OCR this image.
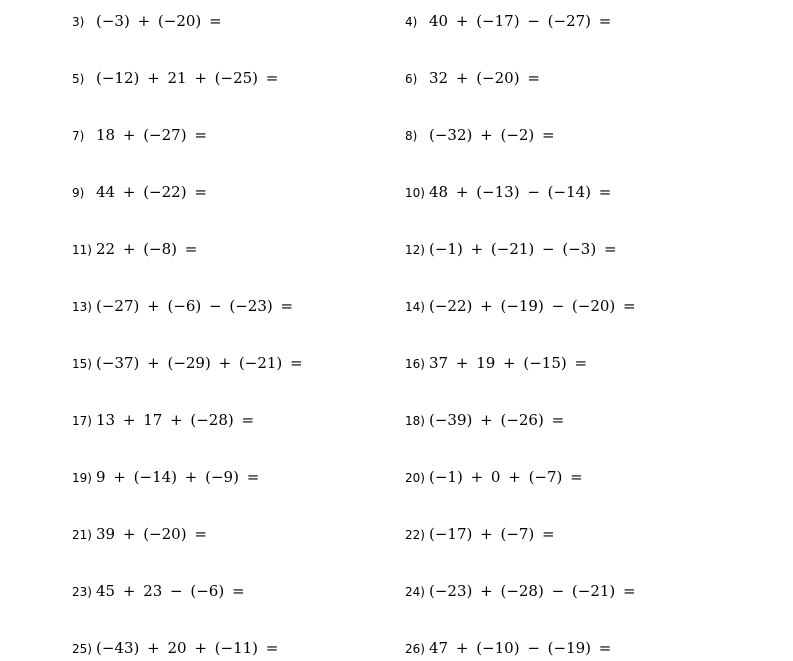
3) (−3) + (−20) =
5) (−12) + 21 + (−25) =
7) 18 + (−27) =
9) 44 + (−22) =
11) 22 + (−8) =
13) (−27) + (−6) − (−23) =
15) (−37) + (−29) + (−21) =
17) 13 + 17 + (−28) =
19) 9 + (−14) + (−9) =
21) 39 + (−20) =
23) 45 + 23 − (−6) =
25) (−43) + 20 + (−11) =
4) 40 + (−17) − (−27) =
6) 32 + (−20) =
8) (−32) + (−2) =
10) 48 + (−13) − (−14) =
12) (−1) + (−21) − (−3) =
14) (−22) + (−19) − (−20) =
16) 37 + 19 + (−15) =
18) (−39) + (−26) =
20) (−1) + 0 + (−7) =
22) (−17) + (−7) =
24) (−23) + (−28) − (−21) =
26) 47 + (−10) − (−19) =
